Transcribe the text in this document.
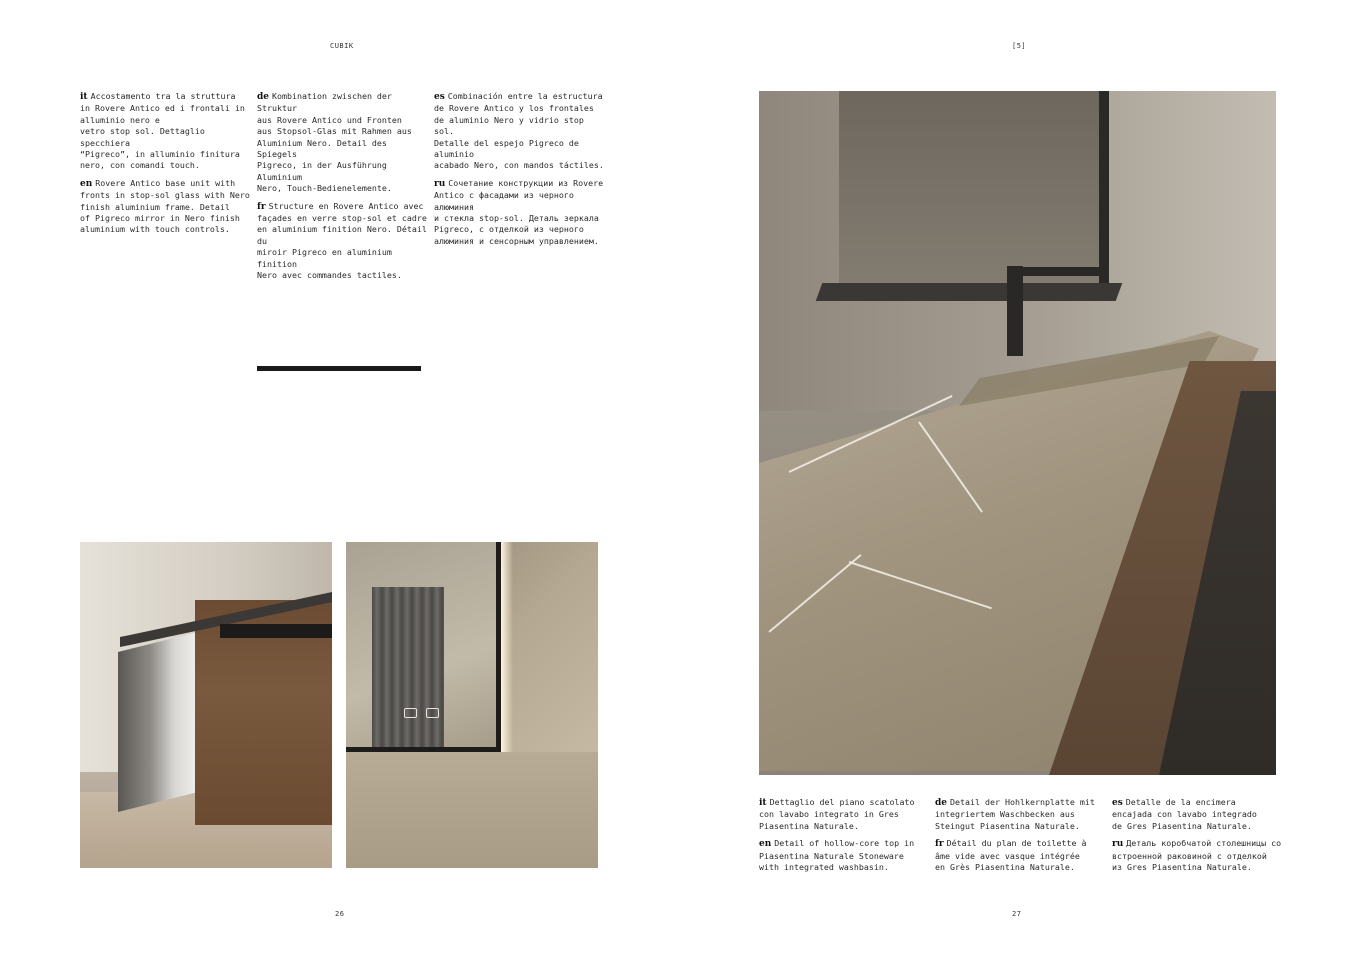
CUBIK

it Accostamento tra la struttura
in Rovere Antico ed i frontali in
alluminio nero e
vetro stop sol. Dettaglio specchiera
“Pigreco”, in alluminio finitura
nero, con comandi touch.

en Rovere Antico base unit with
fronts in stop-sol glass with Nero
finish aluminium frame. Detail
of Pigreco mirror in Nero finish
aluminium with touch controls.

de Kombination zwischen der Struktur
aus Rovere Antico und Fronten
aus Stopsol-Glas mit Rahmen aus
Aluminium Nero. Detail des Spiegels
Pigreco, in der Ausführung Aluminium
Nero, Touch-Bedienelemente.

fr Structure en Rovere Antico avec
façades en verre stop-sol et cadre
en aluminium finition Nero. Détail du
miroir Pigreco en aluminium finition
Nero avec commandes tactiles.

es Combinación entre la estructura
de Rovere Antico y los frontales
de aluminio Nero y vidrio stop sol.
Detalle del espejo Pigreco de aluminio
acabado Nero, con mandos táctiles.

ru Сочетание конструкции из Rovere
Antico с фасадами из черного алюминия
и стекла stop-sol. Деталь зеркала
Pigreco, с отделкой из черного
алюминия и сенсорным управлением.

26
[5]

it Dettaglio del piano scatolato
con lavabo integrato in Gres
Piasentina Naturale.

en Detail of hollow-core top in
Piasentina Naturale Stoneware
with integrated washbasin.

de Detail der Hohlkernplatte mit
integriertem Waschbecken aus
Steingut Piasentina Naturale.

fr Détail du plan de toilette à
âme vide avec vasque intégrée
en Grès Piasentina Naturale.

es Detalle de la encimera
encajada con lavabo integrado
de Gres Piasentina Naturale.

ru Деталь коробчатой столешницы со
встроенной раковиной с отделкой
из Gres Piasentina Naturale.

27
